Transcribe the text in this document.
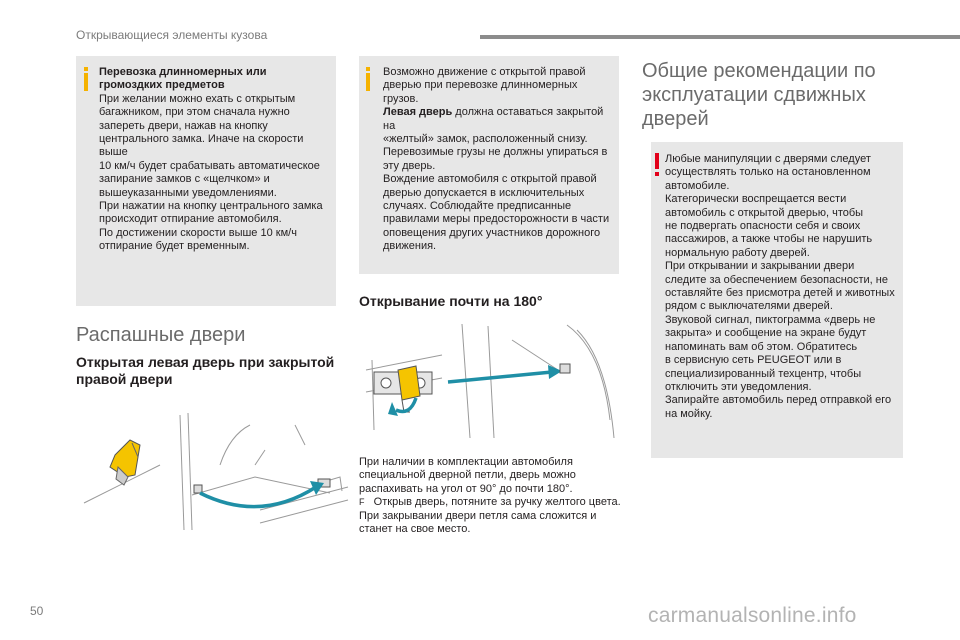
Открывающиеся элементы кузова
Перевозка длинномерных или громоздких предметов
При желании можно ехать с открытым
багажником, при этом сначала нужно
запереть двери, нажав на кнопку
центрального замка. Иначе на скорости выше
10 км/ч будет срабатывать автоматическое
запирание замков с «щелчком» и
вышеуказанными уведомлениями.
При нажатии на кнопку центрального замка
происходит отпирание автомобиля.
По достижении скорости выше 10 км/ч
отпирание будет временным.
Распашные двери
Открытая левая дверь при закрытой правой двери
Возможно движение с открытой правой
дверью при перевозке длинномерных грузов.
Левая дверь должна оставаться закрытой на
«желтый» замок, расположенный снизу.
Перевозимые грузы не должны упираться в
эту дверь.
Вождение автомобиля с открытой правой
дверью допускается в исключительных
случаях. Соблюдайте предписанные
правилами меры предосторожности в части
оповещения других участников дорожного
движения.
Открывание почти на 180°
При наличии в комплектации автомобиля
специальной дверной петли, дверь можно
распахивать на угол от 90° до почти 180°.
F Открыв дверь, потяните за ручку желтого цвета.
При закрывании двери петля сама сложится и
станет на свое место.
Общие рекомендации по эксплуатации сдвижных дверей
Любые манипуляции с дверями следует
осуществлять только на остановленном
автомобиле.
Категорически воспрещается вести
автомобиль с открытой дверью, чтобы
не подвергать опасности себя и своих
пассажиров, а также чтобы не нарушить
нормальную работу дверей.
При открывании и закрывании двери
следите за обеспечением безопасности, не
оставляйте без присмотра детей и животных
рядом с выключателями дверей.
Звуковой сигнал, пиктограмма «дверь не
закрыта» и сообщение на экране будут
напоминать вам об этом. Обратитесь
в сервисную сеть PEUGEOT или в
специализированный техцентр, чтобы
отключить эти уведомления.
Запирайте автомобиль перед отправкой его
на мойку.
50	carmanualsonline.info
